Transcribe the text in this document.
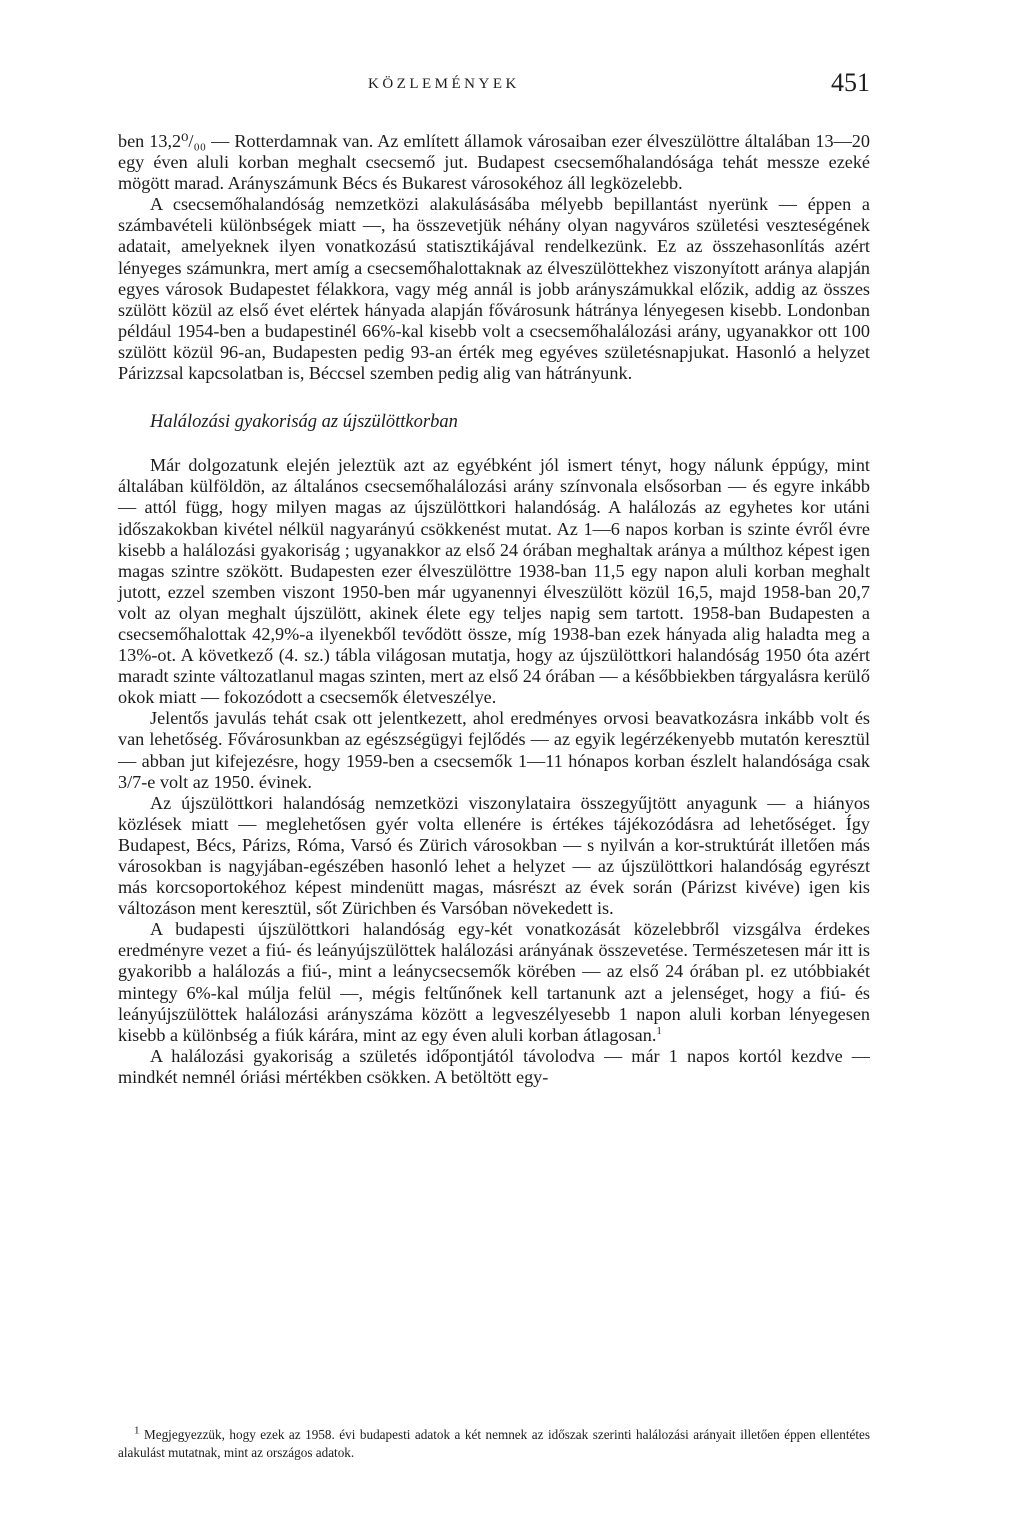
KÖZLEMÉNYEK	451

ben 13,2⁰/₀₀ — Rotterdamnak van. Az említett államok városaiban ezer élveszülöttre általában 13—20 egy éven aluli korban meghalt csecsemő jut. Budapest csecsemőhalandósága tehát messze ezeké mögött marad. Arányszámunk Bécs és Bukarest városokéhoz áll legközelebb.

A csecsemőhalandóság nemzetközi alakulásásába mélyebb bepillantást nyerünk — éppen a számbavételi különbségek miatt —, ha összevetjük néhány olyan nagyváros születési veszteségének adatait, amelyeknek ilyen vonatkozású statisztikájával rendelkezünk. Ez az összehasonlítás azért lényeges számunkra, mert amíg a csecsemőhalottaknak az élveszülöttekhez viszonyított aránya alapján egyes városok Budapestet félakkora, vagy még annál is jobb arányszámukkal előzik, addig az összes szülött közül az első évet elértek hányada alapján fővárosunk hátránya lényegesen kisebb. Londonban például 1954-ben a budapestinél 66%-kal kisebb volt a csecsemőhalálozási arány, ugyanakkor ott 100 szülött közül 96-an, Budapesten pedig 93-an érték meg egyéves születésnapjukat. Hasonló a helyzet Párizzsal kapcsolatban is, Béccsel szemben pedig alig van hátrányunk.

Halálozási gyakoriság az újszülöttkorban

Már dolgozatunk elején jeleztük azt az egyébként jól ismert tényt, hogy nálunk éppúgy, mint általában külföldön, az általános csecsemőhalálozási arány színvonala elsősorban — és egyre inkább — attól függ, hogy milyen magas az újszülöttkori halandóság. A halálozás az egyhetes kor utáni időszakokban kivétel nélkül nagyarányú csökkenést mutat. Az 1—6 napos korban is szinte évről évre kisebb a halálozási gyakoriság ; ugyanakkor az első 24 órában meghaltak aránya a múlthoz képest igen magas szintre szökött. Budapesten ezer élveszülöttre 1938-ban 11,5 egy napon aluli korban meghalt jutott, ezzel szemben viszont 1950-ben már ugyanennyi élveszülött közül 16,5, majd 1958-ban 20,7 volt az olyan meghalt újszülött, akinek élete egy teljes napig sem tartott. 1958-ban Budapesten a csecsemőhalottak 42,9%-a ilyenekből tevődött össze, míg 1938-ban ezek hányada alig haladta meg a 13%-ot. A következő (4. sz.) tábla világosan mutatja, hogy az újszülöttkori halandóság 1950 óta azért maradt szinte változatlanul magas szinten, mert az első 24 órában — a későbbiekben tárgyalásra kerülő okok miatt — fokozódott a csecsemők életveszélye.

Jelentős javulás tehát csak ott jelentkezett, ahol eredményes orvosi beavatkozásra inkább volt és van lehetőség. Fővárosunkban az egészségügyi fejlődés — az egyik legérzékenyebb mutatón keresztül — abban jut kifejezésre, hogy 1959-ben a csecsemők 1—11 hónapos korban észlelt halandósága csak 3/7-e volt az 1950. évinek.

Az újszülöttkori halandóság nemzetközi viszonylataira összegyűjtött anyagunk — a hiányos közlések miatt — meglehetősen gyér volta ellenére is értékes tájékozódásra ad lehetőséget. Így Budapest, Bécs, Párizs, Róma, Varsó és Zürich városokban — s nyilván a kor-struktúrát illetően más városokban is nagyjában-egészében hasonló lehet a helyzet — az újszülöttkori halandóság egyrészt más korcsoportokéhoz képest mindenütt magas, másrészt az évek során (Párizst kivéve) igen kis változáson ment keresztül, sőt Zürichben és Varsóban növekedett is.

A budapesti újszülöttkori halandóság egy-két vonatkozását közelebbről vizsgálva érdekes eredményre vezet a fiú- és leányújszülöttek halálozási arányának összevetése. Természetesen már itt is gyakoribb a halálozás a fiú-, mint a leánycsecsemők körében — az első 24 órában pl. ez utóbbiakét mintegy 6%-kal múlja felül —, mégis feltűnőnek kell tartanunk azt a jelenséget, hogy a fiú- és leányújszülöttek halálozási arányszáma között a legveszélyesebb 1 napon aluli korban lényegesen kisebb a különbség a fiúk kárára, mint az egy éven aluli korban átlagosan.$^1$

A halálozási gyakoriság a születés időpontjától távolodva — már 1 napos kortól kezdve — mindkét nemnél óriási mértékben csökken. A betöltött egy-

$^1$ Megjegyezzük, hogy ezek az 1958. évi budapesti adatok a két nemnek az időszak szerinti halálozási arányait illetően éppen ellentétes alakulást mutatnak, mint az országos adatok.
